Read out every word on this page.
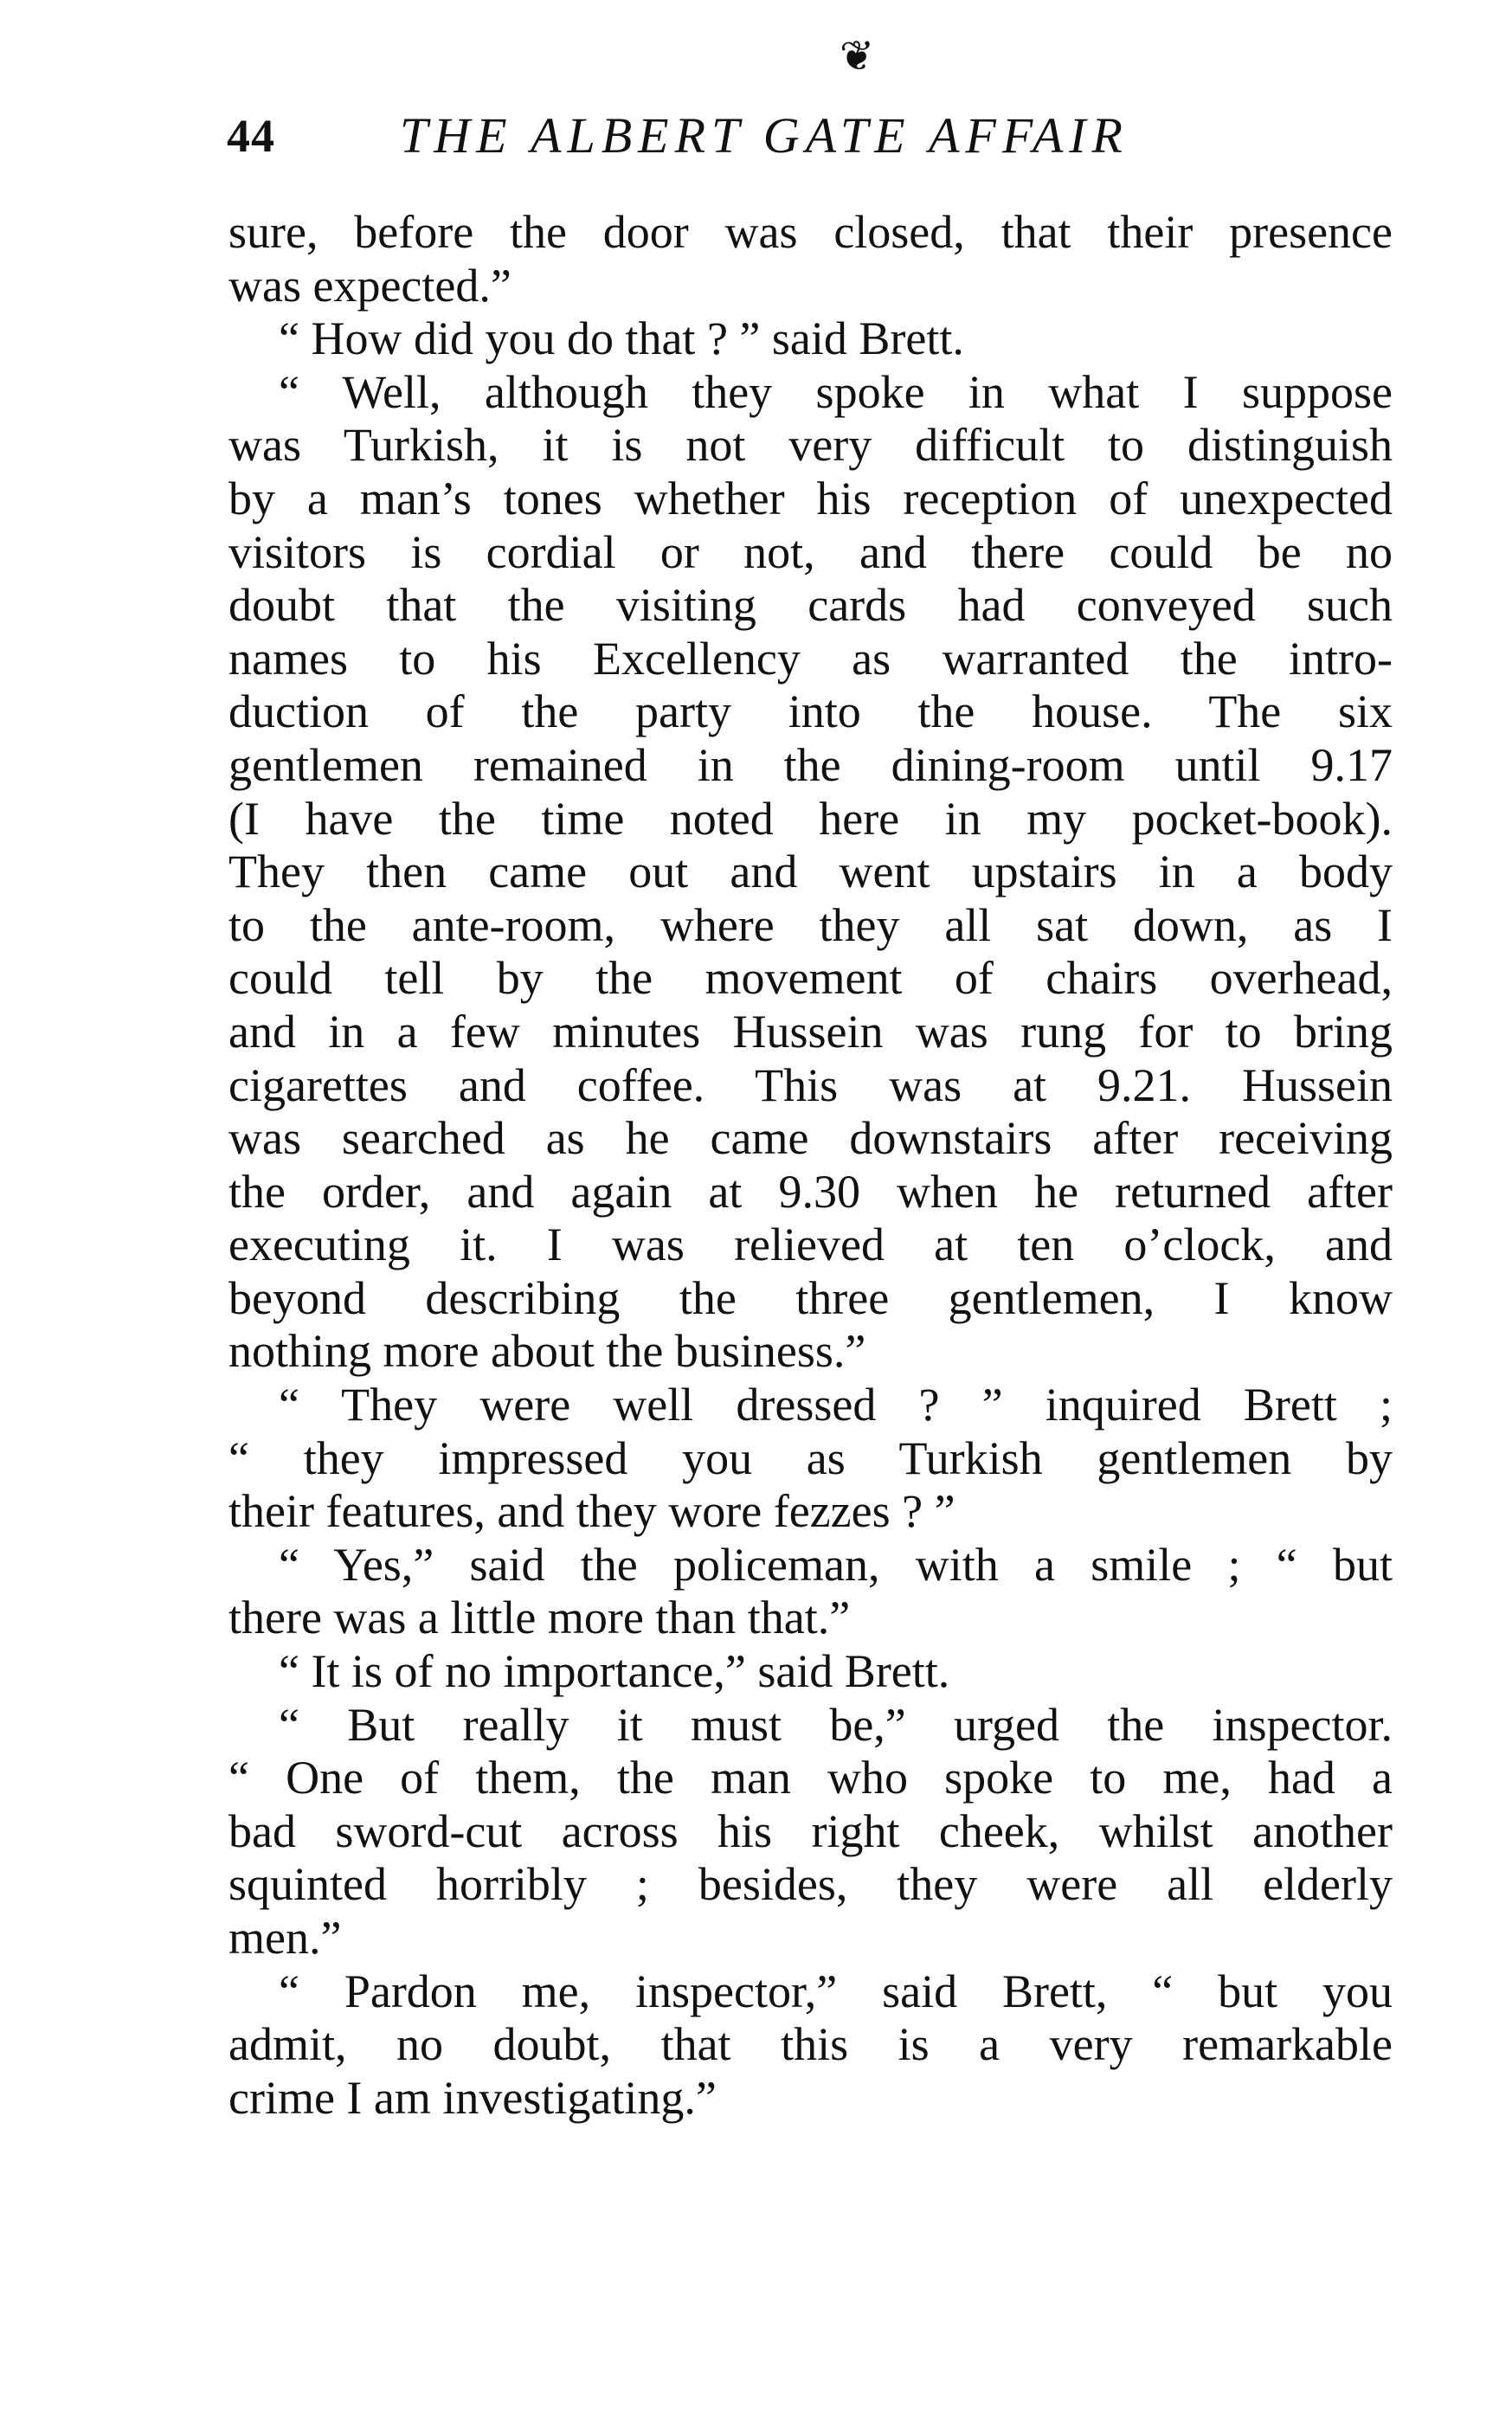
❦
44 THE ALBERT GATE AFFAIR
sure, before the door was closed, that their presence
was expected.”
“ How did you do that ? ” said Brett.
“ Well, although they spoke in what I suppose
was Turkish, it is not very difficult to distinguish
by a man’s tones whether his reception of unexpected
visitors is cordial or not, and there could be no
doubt that the visiting cards had conveyed such
names to his Excellency as warranted the intro-
duction of the party into the house. The six
gentlemen remained in the dining-room until 9.17
(I have the time noted here in my pocket-book).
They then came out and went upstairs in a body
to the ante-room, where they all sat down, as I
could tell by the movement of chairs overhead,
and in a few minutes Hussein was rung for to bring
cigarettes and coffee. This was at 9.21. Hussein
was searched as he came downstairs after receiving
the order, and again at 9.30 when he returned after
executing it. I was relieved at ten o’clock, and
beyond describing the three gentlemen, I know
nothing more about the business.”
“ They were well dressed ? ” inquired Brett ;
“ they impressed you as Turkish gentlemen by
their features, and they wore fezzes ? ”
“ Yes,” said the policeman, with a smile ; “ but
there was a little more than that.”
“ It is of no importance,” said Brett.
“ But really it must be,” urged the inspector.
“ One of them, the man who spoke to me, had a
bad sword-cut across his right cheek, whilst another
squinted horribly ; besides, they were all elderly
men.”
“ Pardon me, inspector,” said Brett, “ but you
admit, no doubt, that this is a very remarkable
crime I am investigating.”
